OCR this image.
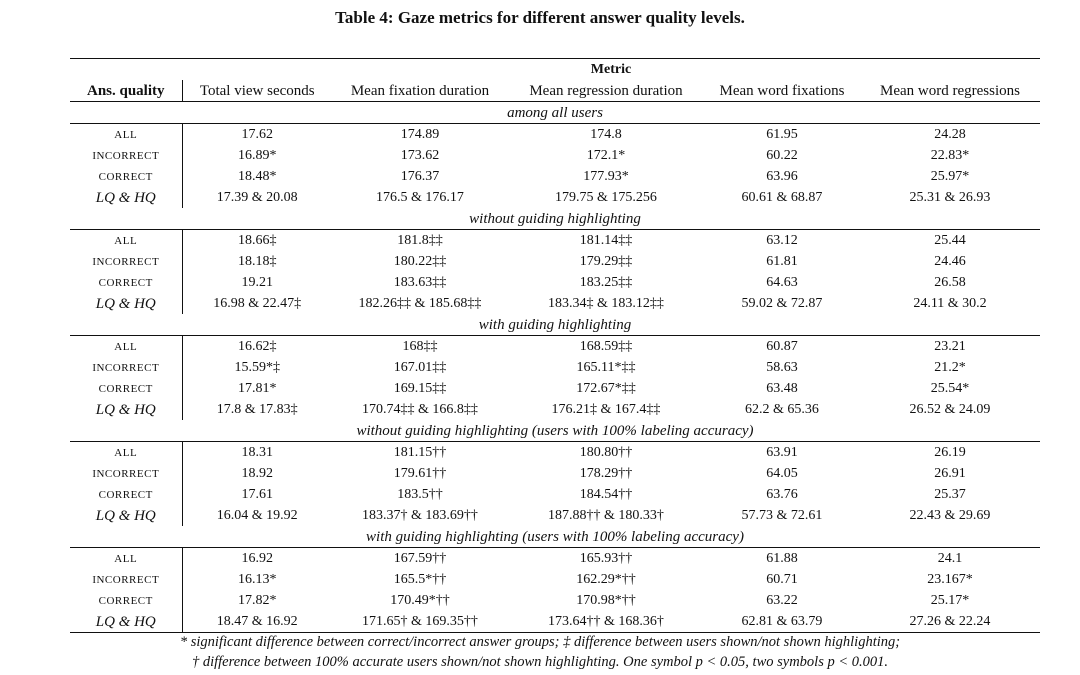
Table 4: Gaze metrics for different answer quality levels.

	Metric				
Ans. quality	Total view seconds	Mean fixation duration	Mean regression duration	Mean word fixations	Mean word regressions
among all users					
ALL	17.62	174.89	174.8	61.95	24.28
INCORRECT	16.89*	173.62	172.1*	60.22	22.83*
CORRECT	18.48*	176.37	177.93*	63.96	25.97*
LQ & HQ	17.39 & 20.08	176.5 & 176.17	179.75 & 175.256	60.61 & 68.87	25.31 & 26.93
without guiding highlighting					
ALL	18.66‡	181.8‡‡	181.14‡‡	63.12	25.44
INCORRECT	18.18‡	180.22‡‡	179.29‡‡	61.81	24.46
CORRECT	19.21	183.63‡‡	183.25‡‡	64.63	26.58
LQ & HQ	16.98 & 22.47‡	182.26‡‡ & 185.68‡‡	183.34‡ & 183.12‡‡	59.02 & 72.87	24.11 & 30.2
with guiding highlighting					
ALL	16.62‡	168‡‡	168.59‡‡	60.87	23.21
INCORRECT	15.59*‡	167.01‡‡	165.11*‡‡	58.63	21.2*
CORRECT	17.81*	169.15‡‡	172.67*‡‡	63.48	25.54*
LQ & HQ	17.8 & 17.83‡	170.74‡‡ & 166.8‡‡	176.21‡ & 167.4‡‡	62.2 & 65.36	26.52 & 24.09
without guiding highlighting (users with 100% labeling accuracy)					
ALL	18.31	181.15††	180.80††	63.91	26.19
INCORRECT	18.92	179.61††	178.29††	64.05	26.91
CORRECT	17.61	183.5††	184.54††	63.76	25.37
LQ & HQ	16.04 & 19.92	183.37† & 183.69††	187.88†† & 180.33†	57.73 & 72.61	22.43 & 29.69
with guiding highlighting (users with 100% labeling accuracy)					
ALL	16.92	167.59††	165.93††	61.88	24.1
INCORRECT	16.13*	165.5*††	162.29*††	60.71	23.167*
CORRECT	17.82*	170.49*††	170.98*††	63.22	25.17*
LQ & HQ	18.47 & 16.92	171.65† & 169.35††	173.64†† & 168.36†	62.81 & 63.79	27.26 & 22.24
* significant difference between correct/incorrect answer groups; ‡ difference between users shown/not shown highlighting;
† difference between 100% accurate users shown/not shown highlighting. One symbol p < 0.05, two symbols p < 0.001.
